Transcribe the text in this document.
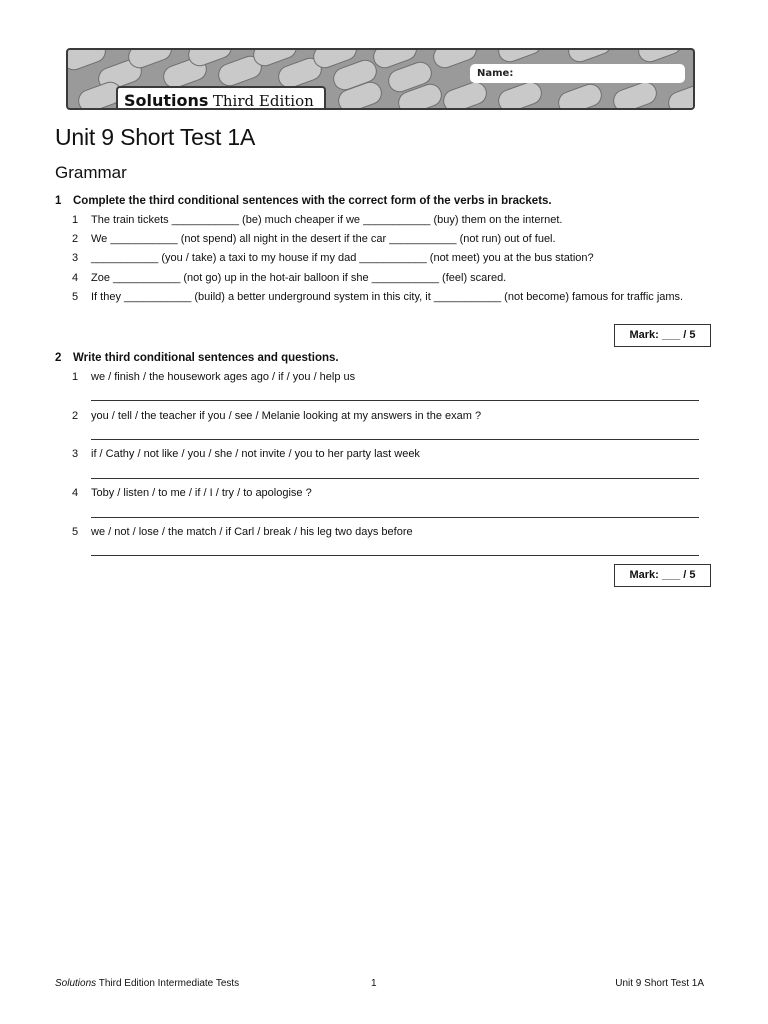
Name:
Solutions Third Edition
Unit 9 Short Test 1A
Grammar
1 Complete the third conditional sentences with the correct form of the verbs in brackets.
1	The train tickets ___________ (be) much cheaper if we ___________ (buy) them on the internet.
2	We ___________ (not spend) all night in the desert if the car ___________ (not run) out of fuel.
3	___________ (you / take) a taxi to my house if my dad ___________ (not meet) you at the bus station?
4	Zoe ___________ (not go) up in the hot-air balloon if she ___________ (feel) scared.
5	If they ___________ (build) a better underground system in this city, it ___________ (not become) famous for traffic jams.
Mark: ___ / 5
2 Write third conditional sentences and questions.
1	we / finish / the housework ages ago / if / you / help us
2	you / tell / the teacher if you / see / Melanie looking at my answers in the exam ?
3	if / Cathy / not like / you / she / not invite / you to her party last week
4	Toby / listen / to me / if / I / try / to apologise ?
5	we / not / lose / the match / if Carl / break / his leg two days before
Mark: ___ / 5
Solutions Third Edition Intermediate Tests	1	Unit 9 Short Test 1A
